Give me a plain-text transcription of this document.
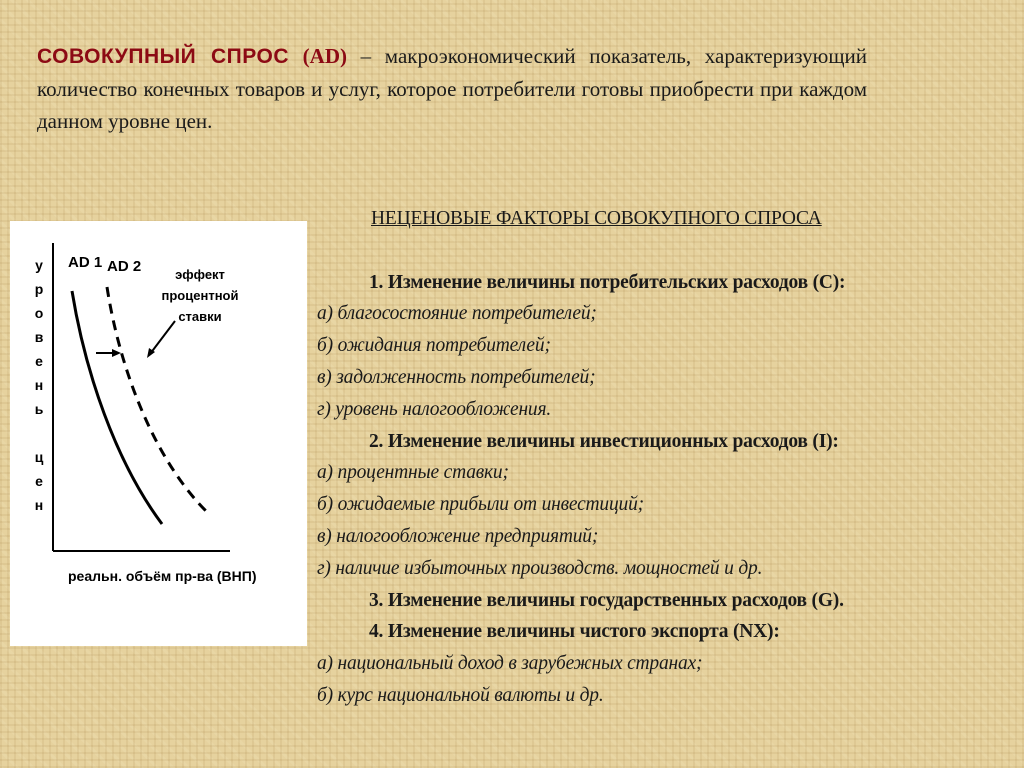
СОВОКУПНЫЙ СПРОС (AD) – макроэкономический показатель, характеризующий количество конечных товаров и услуг, которое потребители готовы приобрести при каждом данном уровне цен.
НЕЦЕНОВЫЕ ФАКТОРЫ СОВОКУПНОГО СПРОСА
1. Изменение величины потребительских расходов (С):
а) благосостояние потребителей;
б) ожидания потребителей;
в) задолженность потребителей;
г) уровень налогообложения.
2. Изменение величины инвестиционных расходов (I):
а) процентные ставки;
б) ожидаемые прибыли от инвестиций;
в) налогообложение предприятий;
г) наличие избыточных производств. мощностей и др.
3. Изменение величины государственных расходов (G).
4. Изменение величины чистого экспорта (NX):
а) национальный доход в зарубежных странах;
б) курс национальной валюты и др.
у р о в е н ь ц е н
реальн. объём пр-ва (ВНП)
AD 1 AD 2	эффект процентной ставки
